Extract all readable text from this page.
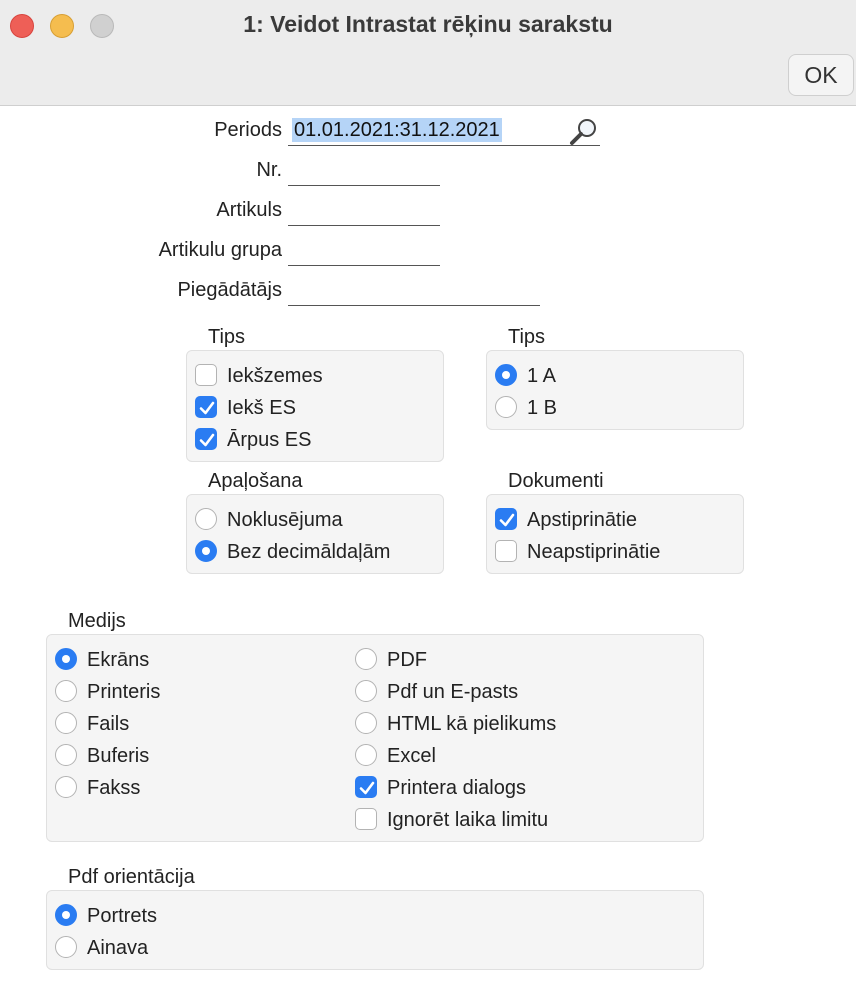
1: Veidot Intrastat rēķinu sarakstu
OK
Periods 01.01.2021:31.12.2021
Nr.
Artikuls
Artikulu grupa
Piegādātājs
Tips
Iekšzemes
Iekš ES
Ārpus ES
Tips
1 A
1 B
Apaļošana
Noklusējuma
Bez decimāldaļām
Dokumenti
Apstiprinātie
Neapstiprinātie
Medijs
Ekrāns
Printeris
Fails
Buferis
Fakss
PDF
Pdf un E-pasts
HTML kā pielikums
Excel
Printera dialogs
Ignorēt laika limitu
Pdf orientācija
Portrets
Ainava
